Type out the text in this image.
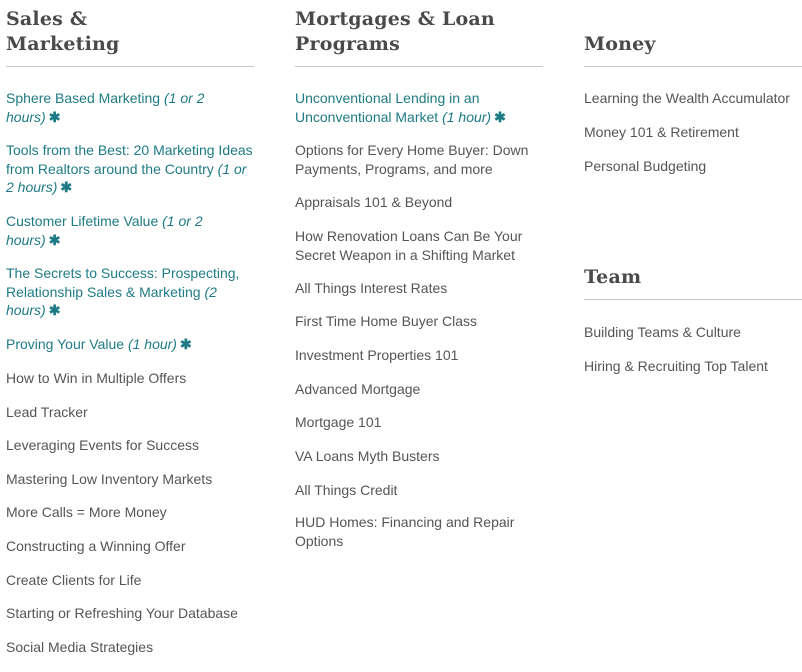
Sales &
Marketing
Sphere Based Marketing (1 or 2 hours) ✱
Tools from the Best: 20 Marketing Ideas from Realtors around the Country (1 or 2 hours) ✱
Customer Lifetime Value (1 or 2 hours) ✱
The Secrets to Success: Prospecting, Relationship Sales & Marketing (2 hours) ✱
Proving Your Value (1 hour) ✱
How to Win in Multiple Offers
Lead Tracker
Leveraging Events for Success
Mastering Low Inventory Markets
More Calls = More Money
Constructing a Winning Offer
Create Clients for Life
Starting or Refreshing Your Database
Social Media Strategies
Mortgages & Loan
Programs
Unconventional Lending in an Unconventional Market (1 hour) ✱
Options for Every Home Buyer: Down Payments, Programs, and more
Appraisals 101 & Beyond
How Renovation Loans Can Be Your Secret Weapon in a Shifting Market
All Things Interest Rates
First Time Home Buyer Class
Investment Properties 101
Advanced Mortgage
Mortgage 101
VA Loans Myth Busters
All Things Credit
HUD Homes: Financing and Repair Options
Money
Learning the Wealth Accumulator
Money 101 & Retirement
Personal Budgeting
Team
Building Teams & Culture
Hiring & Recruiting Top Talent
